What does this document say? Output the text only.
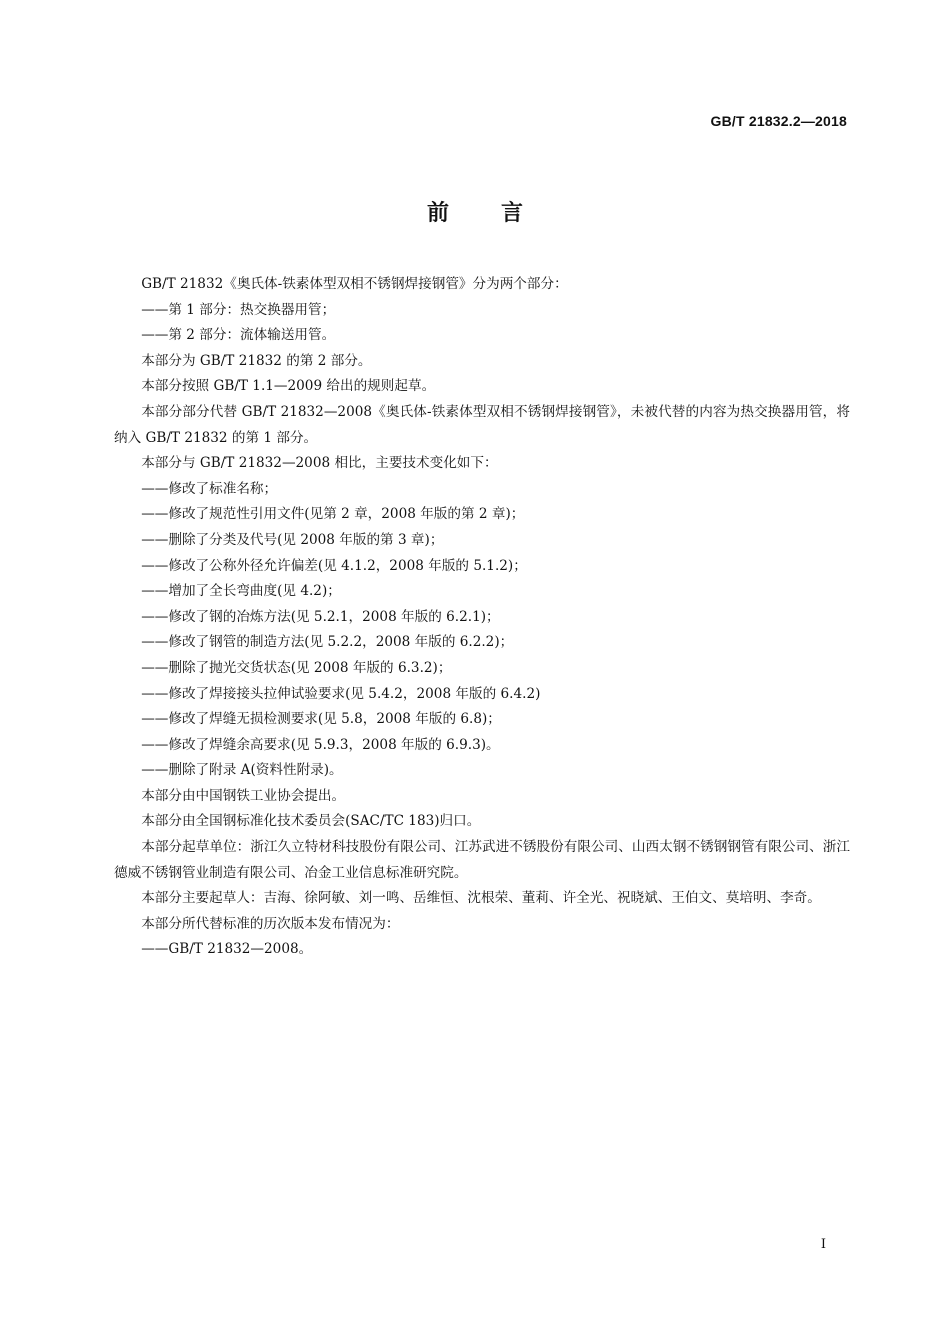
GB/T 21832.2—2018
前 言

GB/T 21832《奥氏体-铁素体型双相不锈钢焊接钢管》分为两个部分：

——第 1 部分：热交换器用管；

——第 2 部分：流体输送用管。

本部分为 GB/T 21832 的第 2 部分。

本部分按照 GB/T 1.1—2009 给出的规则起草。

本部分部分代替 GB/T 21832—2008《奥氏体-铁素体型双相不锈钢焊接钢管》，未被代替的内容为热交换器用管，将纳入 GB/T 21832 的第 1 部分。

本部分与 GB/T 21832—2008 相比，主要技术变化如下：

——修改了标准名称；

——修改了规范性引用文件(见第 2 章，2008 年版的第 2 章)；

——删除了分类及代号(见 2008 年版的第 3 章)；

——修改了公称外径允许偏差(见 4.1.2，2008 年版的 5.1.2)；

——增加了全长弯曲度(见 4.2)；

——修改了钢的冶炼方法(见 5.2.1，2008 年版的 6.2.1)；

——修改了钢管的制造方法(见 5.2.2，2008 年版的 6.2.2)；

——删除了抛光交货状态(见 2008 年版的 6.3.2)；

——修改了焊接接头拉伸试验要求(见 5.4.2，2008 年版的 6.4.2)

——修改了焊缝无损检测要求(见 5.8，2008 年版的 6.8)；

——修改了焊缝余高要求(见 5.9.3，2008 年版的 6.9.3)。

——删除了附录 A(资料性附录)。

本部分由中国钢铁工业协会提出。

本部分由全国钢标准化技术委员会(SAC/TC 183)归口。

本部分起草单位：浙江久立特材科技股份有限公司、江苏武进不锈股份有限公司、山西太钢不锈钢钢管有限公司、浙江德威不锈钢管业制造有限公司、冶金工业信息标准研究院。

本部分主要起草人：吉海、徐阿敏、刘一鸣、岳维恒、沈根荣、董莉、许全光、祝晓斌、王伯文、莫培明、李奇。

本部分所代替标准的历次版本发布情况为：

——GB/T 21832—2008。

I
